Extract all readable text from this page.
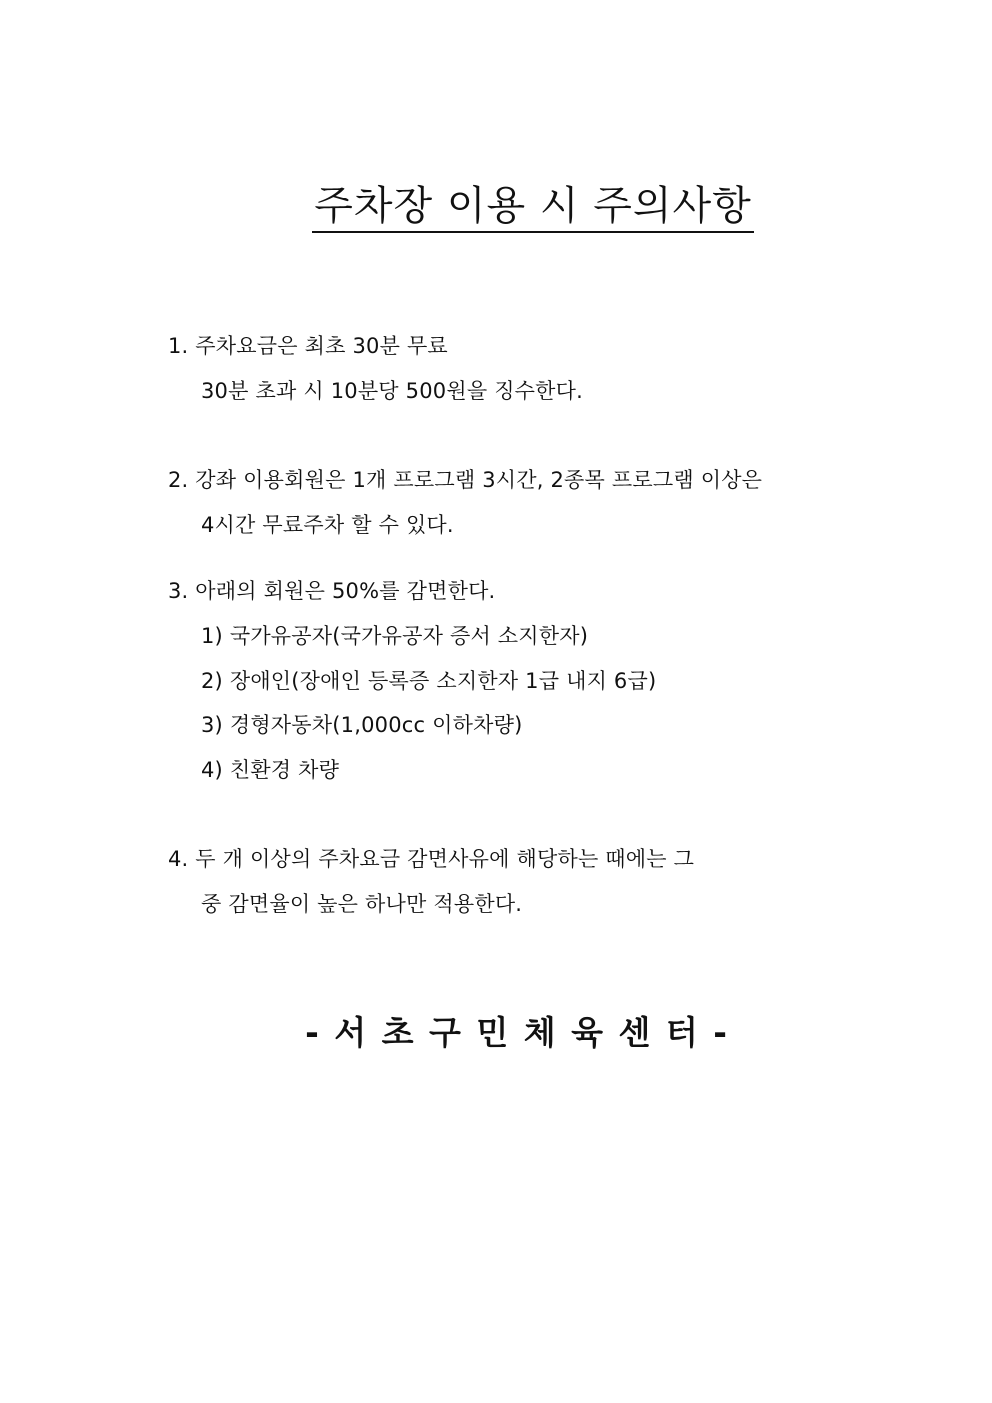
주차장 이용 시 주의사항
1. 주차요금은 최초 30분 무료
30분 초과 시 10분당 500원을 징수한다.
2. 강좌 이용회원은 1개 프로그램 3시간, 2종목 프로그램 이상은
4시간 무료주차 할 수 있다.
3. 아래의 회원은 50%를 감면한다.
1) 국가유공자(국가유공자 증서 소지한자)
2) 장애인(장애인 등록증 소지한자 1급 내지 6급)
3) 경형자동차(1,000cc 이하차량)
4) 친환경 차량
4. 두 개 이상의 주차요금 감면사유에 해당하는 때에는 그
중 감면율이 높은 하나만 적용한다.
- 서 초 구 민 체 육 센 터 -
